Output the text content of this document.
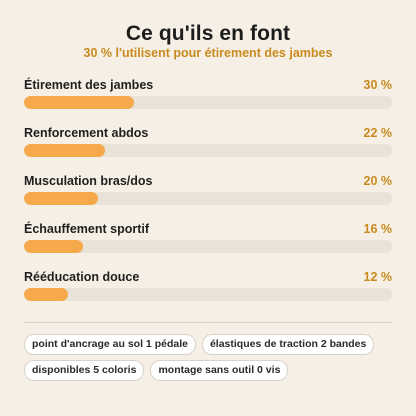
Ce qu'ils en font
30 % l'utilisent pour étirement des jambes
Étirement des jambes	30 %
Renforcement abdos	22 %
Musculation bras/dos	20 %
Échauffement sportif	16 %
Rééducation douce	12 %
point d'ancrage au sol 1 pédale	élastiques de traction 2 bandes
disponibles 5 coloris	montage sans outil 0 vis
